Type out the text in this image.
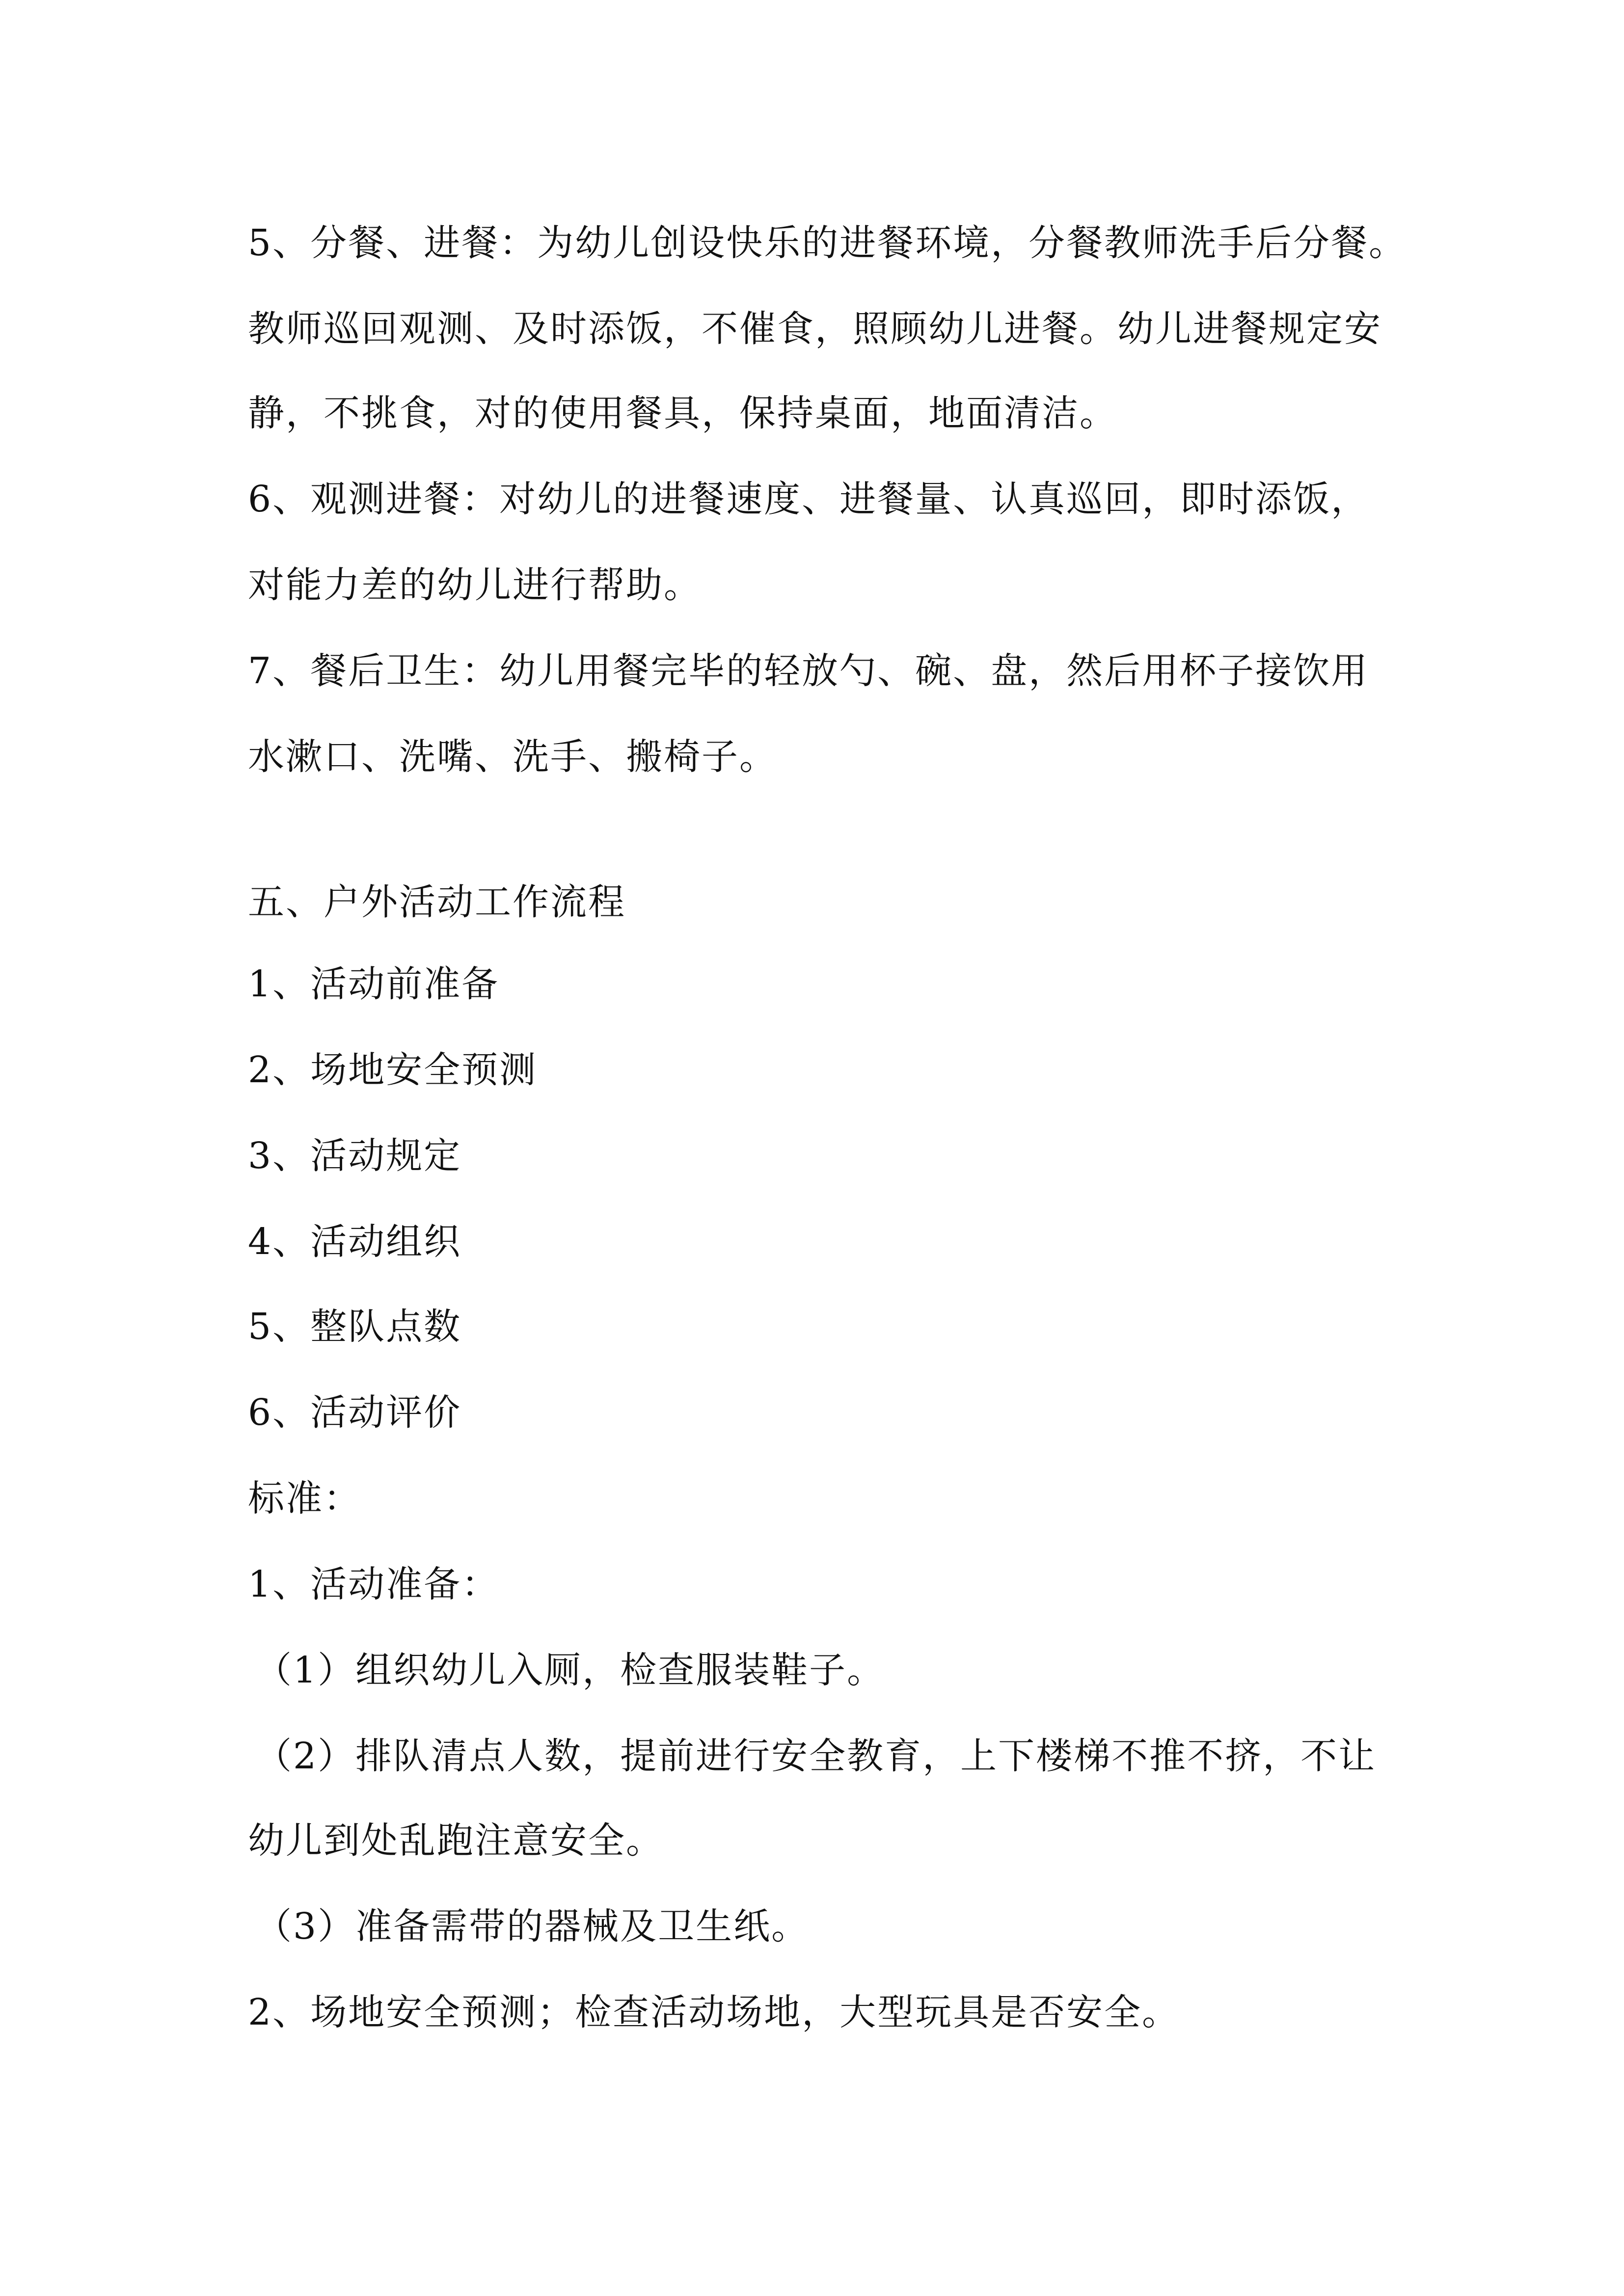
5、分餐、进餐：为幼儿创设快乐的进餐环境，分餐教师洗手后分餐。
教师巡回观测、及时添饭，不催食，照顾幼儿进餐。幼儿进餐规定安
静，不挑食，对的使用餐具，保持桌面，地面清洁。
6、观测进餐：对幼儿的进餐速度、进餐量、认真巡回，即时添饭，
对能力差的幼儿进行帮助。
7、餐后卫生：幼儿用餐完毕的轻放勺、碗、盘，然后用杯子接饮用
水漱口、洗嘴、洗手、搬椅子。
五、户外活动工作流程
1、活动前准备
2、场地安全预测
3、活动规定
4、活动组织
5、整队点数
6、活动评价
标准：
1、活动准备：
（1）组织幼儿入厕，检查服装鞋子。
（2）排队清点人数，提前进行安全教育，上下楼梯不推不挤，不让
幼儿到处乱跑注意安全。
（3）准备需带的器械及卫生纸。
2、场地安全预测；检查活动场地，大型玩具是否安全。
